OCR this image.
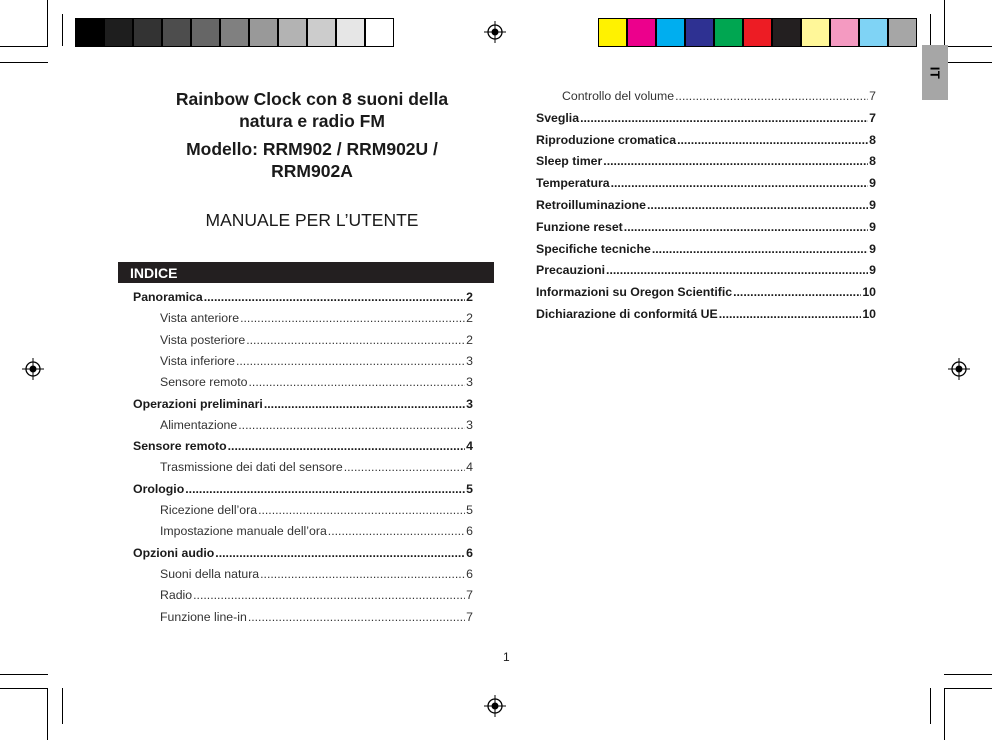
IT
Rainbow Clock con 8 suoni della
natura e radio FM
Modello: RRM902 / RRM902U /
RRM902A
MANUALE PER L’UTENTE
INDICE
Panoramica .....	2
Vista anteriore .....	2
Vista posteriore .....	2
Vista inferiore .....	3
Sensore remoto .....	3
Operazioni preliminari .....	3
Alimentazione .....	3
Sensore remoto .....	4
Trasmissione dei dati del sensore .....	4
Orologio .....	5
Ricezione dell’ora .....	5
Impostazione manuale dell’ora .....	6
Opzioni audio .....	6
Suoni della natura .....	6
Radio .....	7
Funzione line-in .....	7
Controllo del volume .....	7
Sveglia .....	7
Riproduzione cromatica .....	8
Sleep timer .....	8
Temperatura .....	9
Retroilluminazione .....	9
Funzione reset .....	9
Specifiche tecniche .....	9
Precauzioni .....	9
Informazioni su Oregon Scientific .....	10
Dichiarazione di conformitá UE .....	10
1
